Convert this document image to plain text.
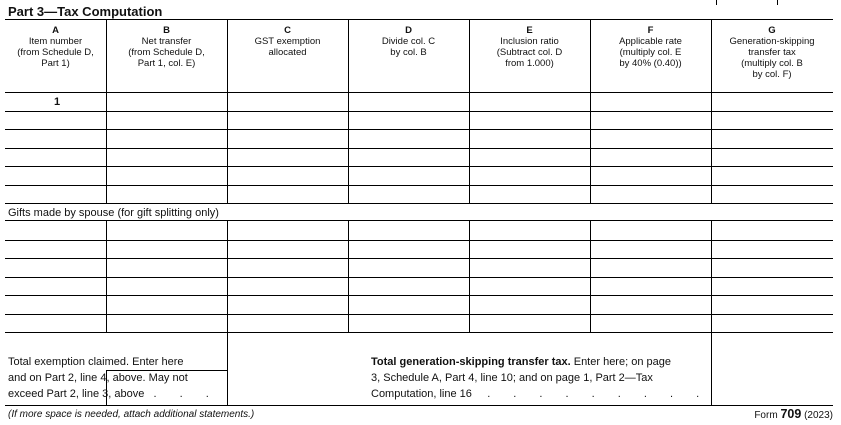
Part 3—Tax Computation
A
Item number
(from Schedule D,
Part 1)
B
Net transfer
(from Schedule D,
Part 1, col. E)
C
GST exemption
allocated
D
Divide col. C
by col. B
E
Inclusion ratio
(Subtract col. D
from 1.000)
F
Applicable rate
(multiply col. E
by 40% (0.40))
G
Generation-skipping
transfer tax
(multiply col. B
by col. F)
1
Gifts made by spouse (for gift splitting only)
Total exemption claimed. Enter here
and on Part 2, line 4, above. May not
exceed Part 2, line 3, above . . .
Total generation-skipping transfer tax. Enter here; on page
3, Schedule A, Part 4, line 10; and on page 1, Part 2—Tax
Computation, line 16 . . . . . . . . .
(If more space is needed, attach additional statements.)	Form 709 (2023)
